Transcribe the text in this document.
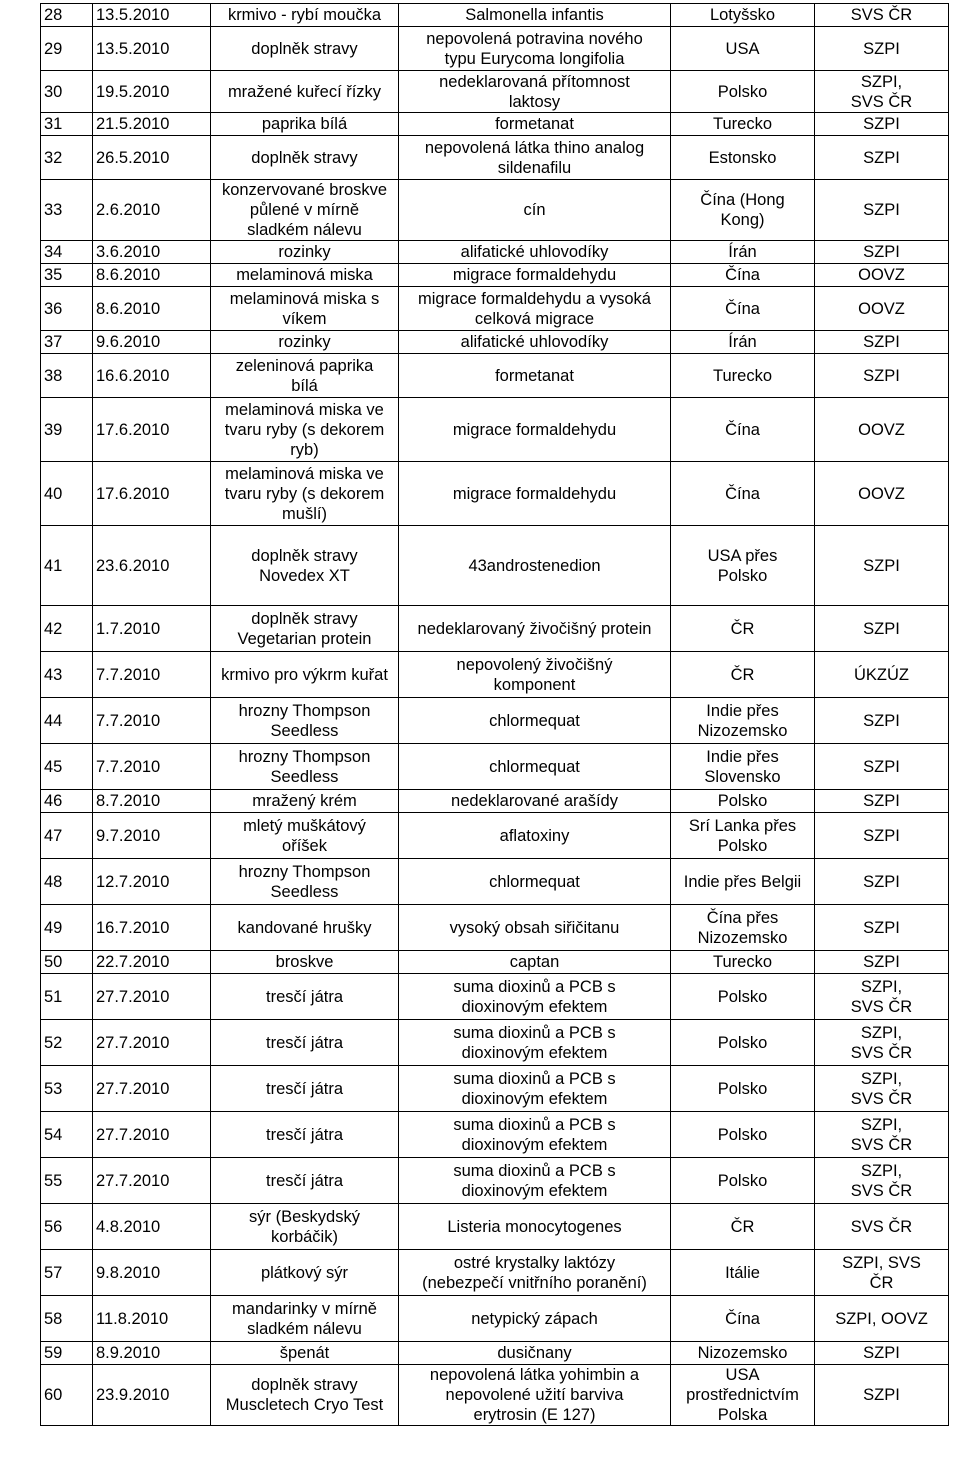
28	13.5.2010	krmivo - rybí moučka	Salmonella infantis	Lotyšsko	SVS ČR
29	13.5.2010	doplněk stravy	nepovolená potravina nového
typu Eurycoma longifolia	USA	SZPI
30	19.5.2010	mražené kuřecí řízky	nedeklarovaná přítomnost
laktosy	Polsko	SZPI,
SVS ČR
31	21.5.2010	paprika bílá	formetanat	Turecko	SZPI
32	26.5.2010	doplněk stravy	nepovolená látka thino analog
sildenafilu	Estonsko	SZPI
33	2.6.2010	konzervované broskve
půlené v mírně
sladkém nálevu	cín	Čína (Hong
Kong)	SZPI
34	3.6.2010	rozinky	alifatické uhlovodíky	Írán	SZPI
35	8.6.2010	melaminová miska	migrace formaldehydu	Čína	OOVZ
36	8.6.2010	melaminová miska s
víkem	migrace formaldehydu a vysoká
celková migrace	Čína	OOVZ
37	9.6.2010	rozinky	alifatické uhlovodíky	Írán	SZPI
38	16.6.2010	zeleninová paprika
bílá	formetanat	Turecko	SZPI
39	17.6.2010	melaminová miska ve
tvaru ryby (s dekorem
ryb)	migrace formaldehydu	Čína	OOVZ
40	17.6.2010	melaminová miska ve
tvaru ryby (s dekorem
mušlí)	migrace formaldehydu	Čína	OOVZ
41	23.6.2010	doplněk stravy
Novedex XT	43androstenedion	USA přes
Polsko	SZPI
42	1.7.2010	doplněk stravy
Vegetarian protein	nedeklarovaný živočišný protein	ČR	SZPI
43	7.7.2010	krmivo pro výkrm kuřat	nepovolený živočišný
komponent	ČR	ÚKZÚZ
44	7.7.2010	hrozny Thompson
Seedless	chlormequat	Indie přes
Nizozemsko	SZPI
45	7.7.2010	hrozny Thompson
Seedless	chlormequat	Indie přes
Slovensko	SZPI
46	8.7.2010	mražený krém	nedeklarované arašídy	Polsko	SZPI
47	9.7.2010	mletý muškátový
oříšek	aflatoxiny	Srí Lanka přes
Polsko	SZPI
48	12.7.2010	hrozny Thompson
Seedless	chlormequat	Indie přes Belgii	SZPI
49	16.7.2010	kandované hrušky	vysoký obsah siřičitanu	Čína přes
Nizozemsko	SZPI
50	22.7.2010	broskve	captan	Turecko	SZPI
51	27.7.2010	tresčí játra	suma dioxinů a PCB s
dioxinovým efektem	Polsko	SZPI,
SVS ČR
52	27.7.2010	tresčí játra	suma dioxinů a PCB s
dioxinovým efektem	Polsko	SZPI,
SVS ČR
53	27.7.2010	tresčí játra	suma dioxinů a PCB s
dioxinovým efektem	Polsko	SZPI,
SVS ČR
54	27.7.2010	tresčí játra	suma dioxinů a PCB s
dioxinovým efektem	Polsko	SZPI,
SVS ČR
55	27.7.2010	tresčí játra	suma dioxinů a PCB s
dioxinovým efektem	Polsko	SZPI,
SVS ČR
56	4.8.2010	sýr (Beskydský
korbáčik)	Listeria monocytogenes	ČR	SVS ČR
57	9.8.2010	plátkový sýr	ostré krystalky laktózy
(nebezpečí vnitřního poranění)	Itálie	SZPI, SVS
ČR
58	11.8.2010	mandarinky v mírně
sladkém nálevu	netypický zápach	Čína	SZPI, OOVZ
59	8.9.2010	špenát	dusičnany	Nizozemsko	SZPI
60	23.9.2010	doplněk stravy
Muscletech Cryo Test	nepovolená látka yohimbin a
nepovolené užití barviva
erytrosin (E 127)	USA
prostřednictvím
Polska	SZPI
